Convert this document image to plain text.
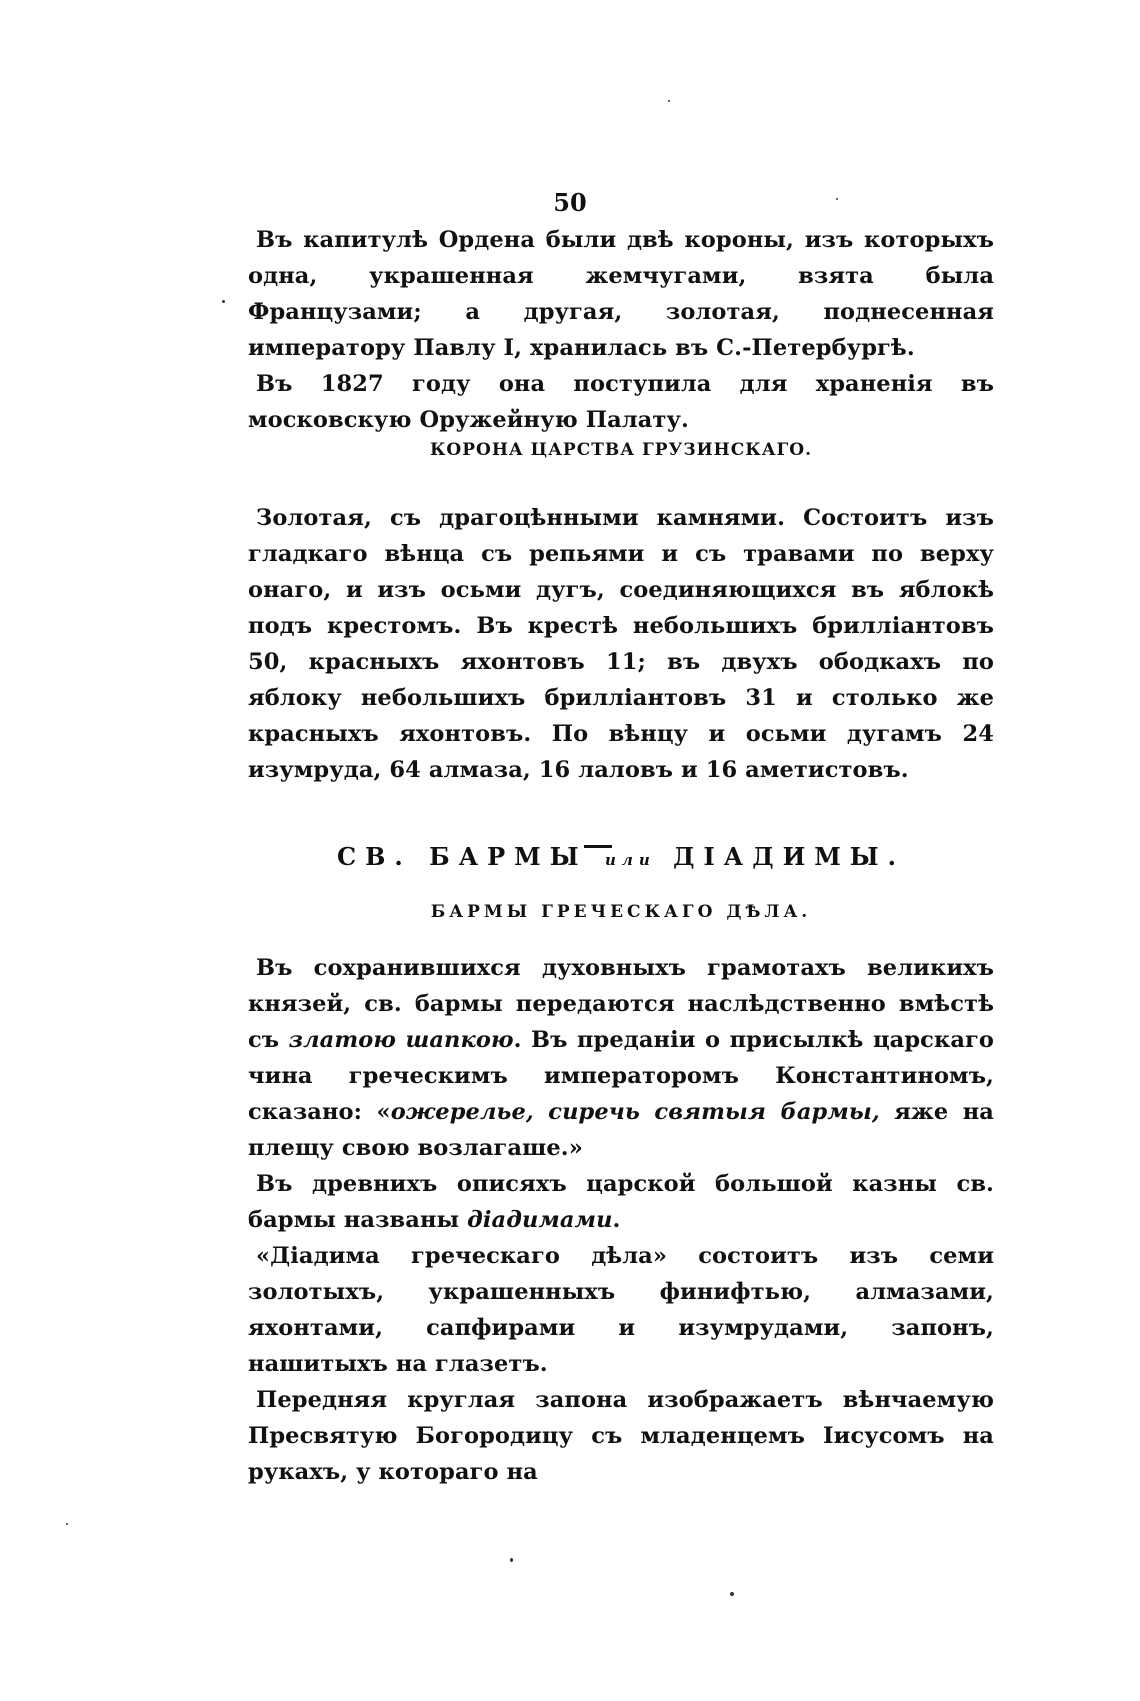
50

Въ капитулѣ Ордена были двѣ короны, изъ которыхъ одна, украшенная жемчугами, взята была Французами; а другая, золотая, поднесенная императору Павлу I, хранилась въ С.-Петербургѣ.

Въ 1827 году она поступила для храненія въ московскую Оружейную Палату.

КОРОНА ЦАРСТВА ГРУЗИНСКАГО.

Золотая, съ драгоцѣнными камнями. Состоитъ изъ гладкаго вѣнца съ репьями и съ травами по верху онаго, и изъ осьми дугъ, соединяющихся въ яблокѣ подъ крестомъ. Въ крестѣ небольшихъ брилліантовъ 50, красныхъ яхонтовъ 11; въ двухъ ободкахъ по яблоку небольшихъ брилліантовъ 31 и столько же красныхъ яхонтовъ. По вѣнцу и осьми дугамъ 24 изумруда, 64 алмаза, 16 лаловъ и 16 аметистовъ.

СВ. БАРМЫ или ДІАДИМЫ.
БАРМЫ ГРЕЧЕСКАГО ДѢЛА.

Въ сохранившихся духовныхъ грамотахъ великихъ князей, св. бармы передаются наслѣдственно вмѣстѣ съ златою шапкою. Въ преданіи о присылкѣ царскаго чина греческимъ императоромъ Константиномъ, сказано: «ожерелье, сиречь святыя бармы, яже на плещу свою возлагаше.»

Въ древнихъ описяхъ царской большой казны св. бармы названы діадимами.

«Діадима греческаго дѣла» состоитъ изъ семи золотыхъ, украшенныхъ финифтью, алмазами, яхонтами, сапфирами и изумрудами, запонъ, нашитыхъ на глазетъ.

Передняя круглая запона изображаетъ вѣнчаемую Пресвятую Богородицу съ младенцемъ Іисусомъ на рукахъ, у котораго на
